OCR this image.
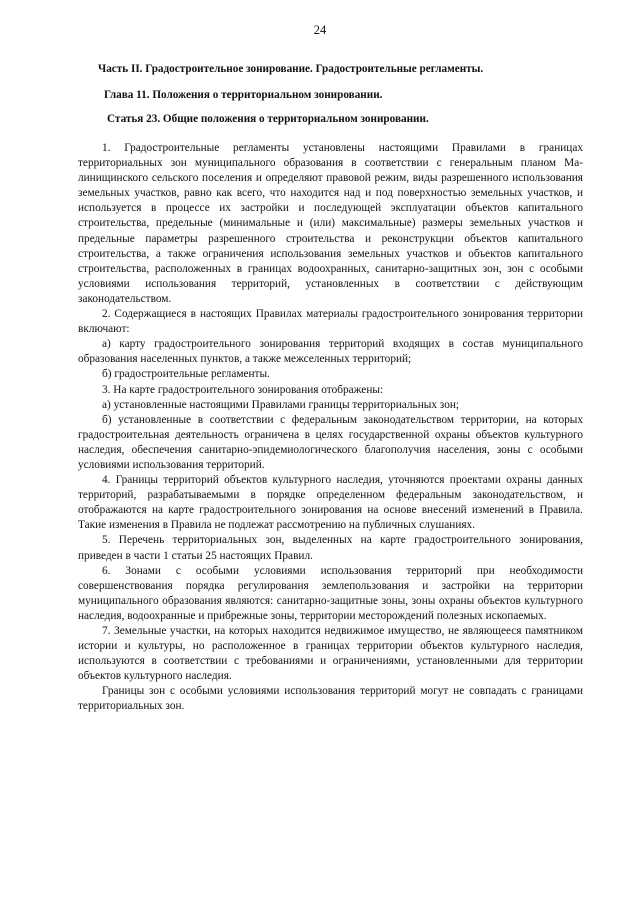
24
Часть II. Градостроительное зонирование. Градостроительные регламенты.
Глава 11. Положения о территориальном зонировании.
Статья 23. Общие положения о территориальном зонировании.

1. Градостроительные регламенты установлены настоящими Правилами в границах территориальных зон муниципального образования в соответствии с генеральным планом Ма-линищинского сельского поселения и определяют правовой режим, виды разрешенного использования земельных участков, равно как всего, что находится над и под поверхностью земельных участков, и используется в процессе их застройки и последующей эксплуатации объектов капитального строительства, предельные (минимальные и (или) максимальные) размеры земельных участков и предельные параметры разрешенного строительства и реконструкции объектов капитального строительства, а также ограничения использования земельных участков и объектов капитального строительства, расположенных в границах водоохранных, санитарно-защитных зон, зон с особыми условиями использования территорий, установленных в соответствии с действующим законодательством.

2. Содержащиеся в настоящих Правилах материалы градостроительного зонирования территории включают:

а) карту градостроительного зонирования территорий входящих в состав муниципального образования населенных пунктов, а также межселенных территорий;

б) градостроительные регламенты.

3. На карте градостроительного зонирования отображены:

а) установленные настоящими Правилами границы территориальных зон;

б) установленные в соответствии с федеральным законодательством территории, на которых градостроительная деятельность ограничена в целях государственной охраны объектов культурного наследия, обеспечения санитарно-эпидемиологического благополучия населения, зоны с особыми условиями использования территорий.

4. Границы территорий объектов культурного наследия, уточняются проектами охраны данных территорий, разрабатываемыми в порядке определенном федеральным законодательством, и отображаются на карте градостроительного зонирования на основе внесений изменений в Правила. Такие изменения в Правила не подлежат рассмотрению на публичных слушаниях.

5. Перечень территориальных зон, выделенных на карте градостроительного зонирования, приведен в части 1 статьи 25 настоящих Правил.

6. Зонами с особыми условиями использования территорий при необходимости совершенствования порядка регулирования землепользования и застройки на территории муниципального образования являются: санитарно-защитные зоны, зоны охраны объектов культурного наследия, водоохранные и прибрежные зоны, территории месторождений полезных ископаемых.

7. Земельные участки, на которых находится недвижимое имущество, не являющееся памятником истории и культуры, но расположенное в границах территории объектов культурного наследия, используются в соответствии с требованиями и ограничениями, установленными для территории объектов культурного наследия.

Границы зон с особыми условиями использования территорий могут не совпадать с границами территориальных зон.
